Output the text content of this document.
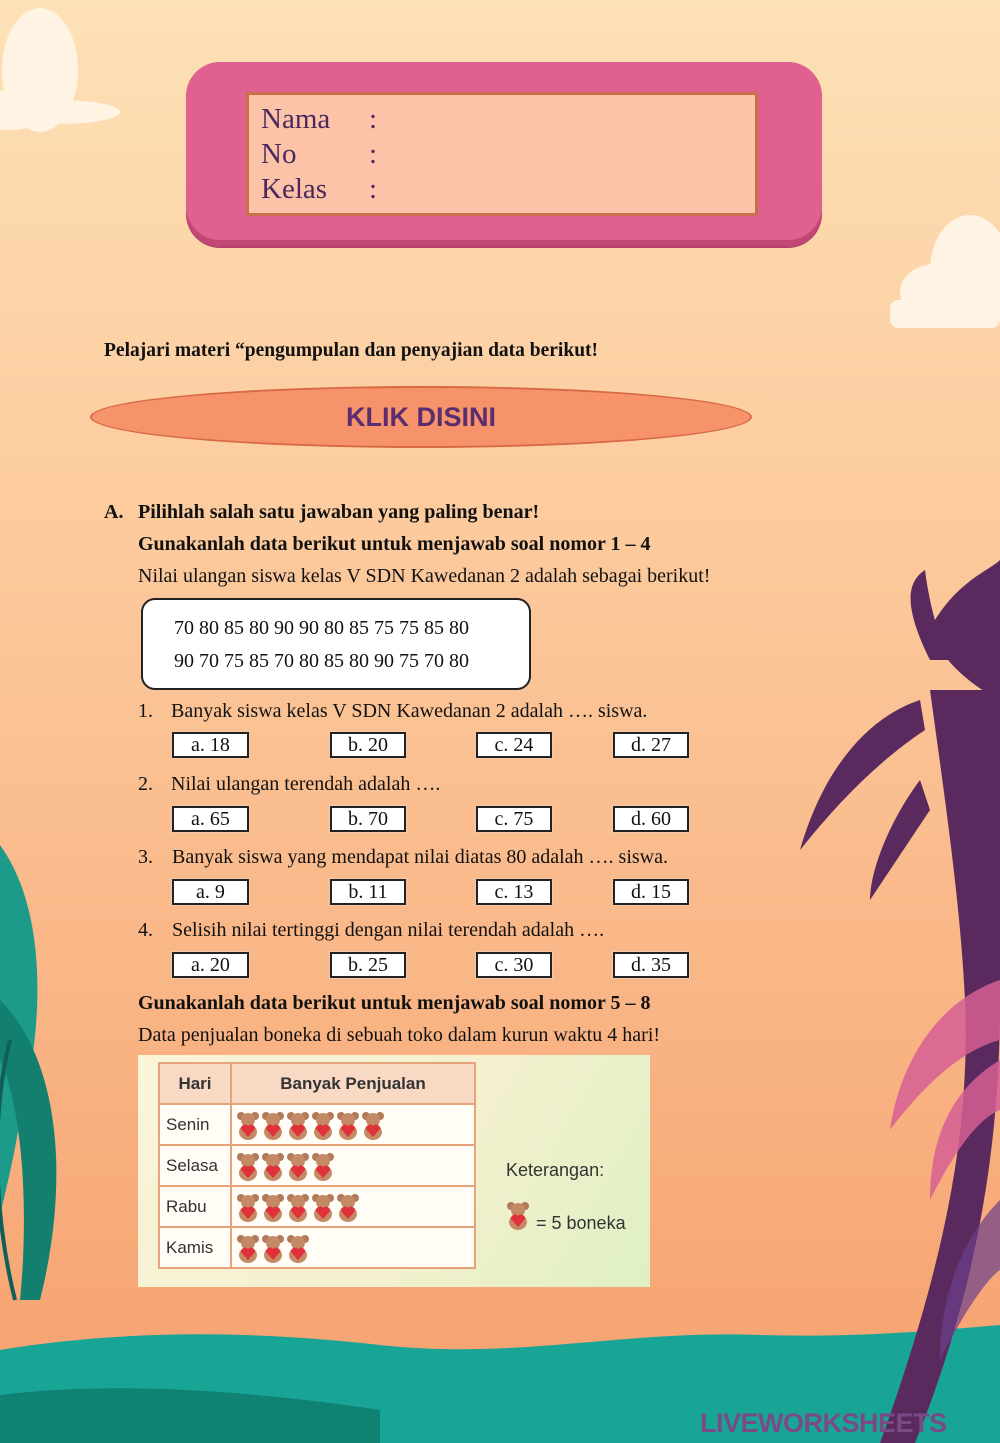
Nama :
No	:
Kelas :
Pelajari materi “pengumpulan dan penyajian data berikut!
KLIK DISINI
A. Pilihlah salah satu jawaban yang paling benar!
Gunakanlah data berikut untuk menjawab soal nomor 1 – 4
Nilai ulangan siswa kelas V SDN Kawedanan 2 adalah sebagai berikut!
70 80 85 80 90 90 80 85 75 75 85 80
90 70 75 85 70 80 85 80 90 75 70 80
1. Banyak siswa kelas V SDN Kawedanan 2 adalah …. siswa.
a. 18	b. 20	c. 24	d. 27
2. Nilai ulangan terendah adalah ….
a. 65	b. 70	c. 75	d. 60
3. Banyak siswa yang mendapat nilai diatas 80 adalah …. siswa.
a. 9	b. 11	c. 13	d. 15
4. Selisih nilai tertinggi dengan nilai terendah adalah ….
a. 20	b. 25	c. 30	d. 35
Gunakanlah data berikut untuk menjawab soal nomor 5 – 8
Data penjualan boneka di sebuah toko dalam kurun waktu 4 hari!
Hari	Banyak Penjualan
Senin	
Selasa	
Rabu	
Kamis	
Keterangan:
= 5 boneka
LIVEWORKSHEETS
